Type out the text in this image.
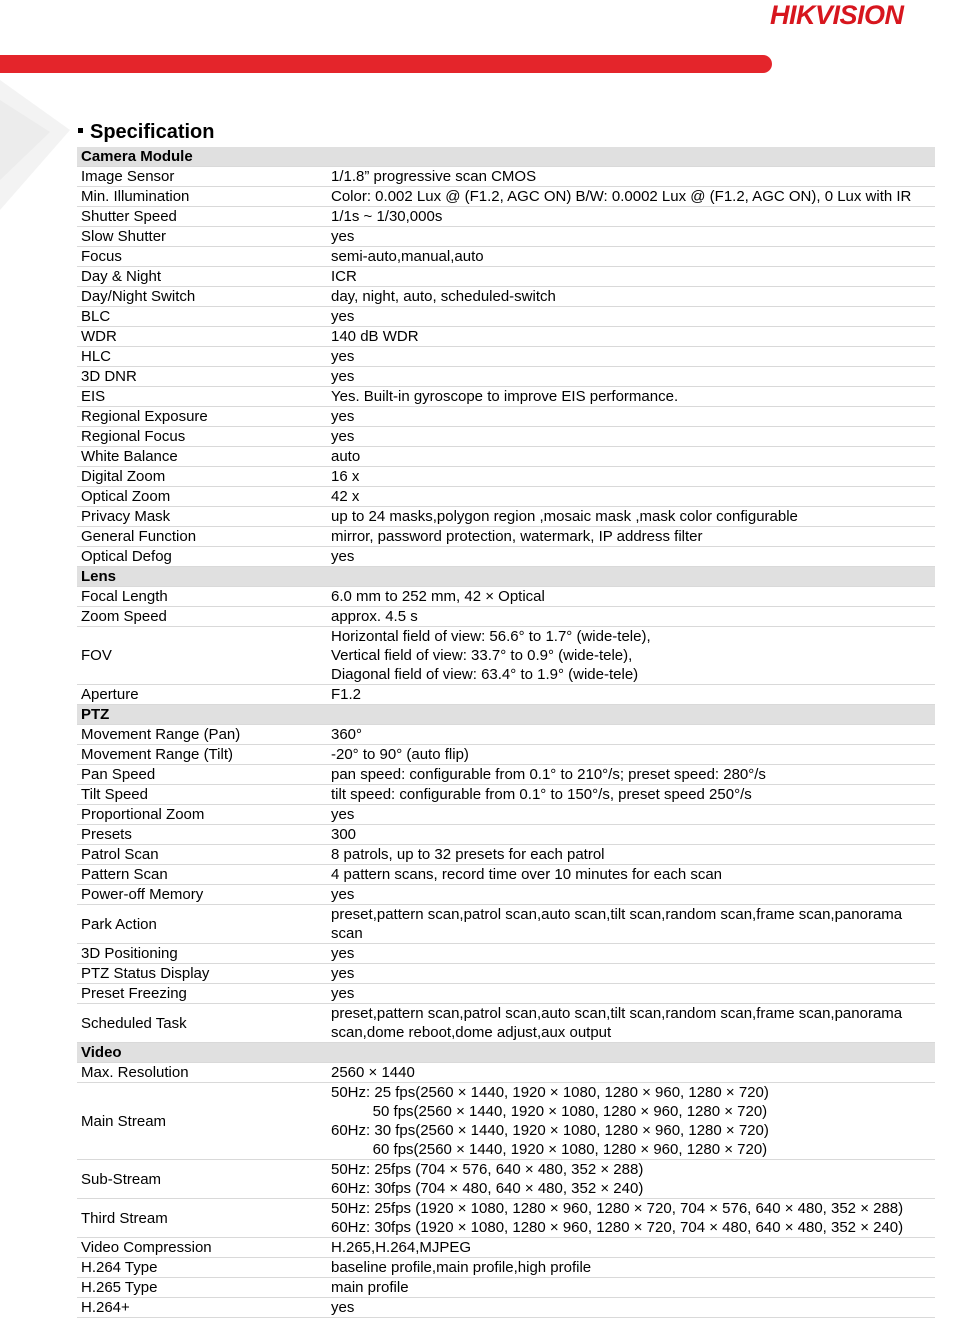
HIKVISION
Specification
Camera Module	
Image Sensor	1/1.8” progressive scan CMOS

Min. Illumination	Color: 0.002 Lux @ (F1.2, AGC ON) B/W: 0.0002 Lux @ (F1.2, AGC ON), 0 Lux with IR

Shutter Speed	1/1s ~ 1/30,000s

Slow Shutter	yes

Focus	semi-auto,manual,auto

Day & Night	ICR

Day/Night Switch	day, night, auto, scheduled-switch

BLC	yes

WDR	140 dB WDR

HLC	yes

3D DNR	yes

EIS	Yes. Built-in gyroscope to improve EIS performance.

Regional Exposure	yes

Regional Focus	yes

White Balance	auto

Digital Zoom	16 x

Optical Zoom	42 x

Privacy Mask	up to 24 masks,polygon region ,mosaic mask ,mask color configurable

General Function	mirror, password protection, watermark, IP address filter

Optical Defog	yes

Lens	
Focal Length	6.0 mm to 252 mm, 42 × Optical

Zoom Speed	approx. 4.5 s

FOV	Horizontal field of view: 56.6° to 1.7° (wide-tele),
Vertical field of view: 33.7° to 0.9° (wide-tele),
Diagonal field of view: 63.4° to 1.9° (wide-tele)

Aperture	F1.2

PTZ	
Movement Range (Pan)	360°

Movement Range (Tilt)	-20° to 90° (auto flip)

Pan Speed	pan speed: configurable from 0.1° to 210°/s; preset speed: 280°/s

Tilt Speed	tilt speed: configurable from 0.1° to 150°/s, preset speed 250°/s

Proportional Zoom	yes

Presets	300

Patrol Scan	8 patrols, up to 32 presets for each patrol

Pattern Scan	4 pattern scans, record time over 10 minutes for each scan

Power-off Memory	yes

Park Action	preset,pattern scan,patrol scan,auto scan,tilt scan,random scan,frame scan,panorama
scan

3D Positioning	yes

PTZ Status Display	yes

Preset Freezing	yes

Scheduled Task	preset,pattern scan,patrol scan,auto scan,tilt scan,random scan,frame scan,panorama
scan,dome reboot,dome adjust,aux output

Video	
Max. Resolution	2560 × 1440

Main Stream	50Hz: 25 fps(2560 × 1440, 1920 × 1080, 1280 × 960, 1280 × 720)
50 fps(2560 × 1440, 1920 × 1080, 1280 × 960, 1280 × 720)
60Hz: 30 fps(2560 × 1440, 1920 × 1080, 1280 × 960, 1280 × 720)
60 fps(2560 × 1440, 1920 × 1080, 1280 × 960, 1280 × 720)

Sub-Stream	50Hz: 25fps (704 × 576, 640 × 480, 352 × 288)
60Hz: 30fps (704 × 480, 640 × 480, 352 × 240)

Third Stream	50Hz: 25fps (1920 × 1080, 1280 × 960, 1280 × 720, 704 × 576, 640 × 480, 352 × 288)
60Hz: 30fps (1920 × 1080, 1280 × 960, 1280 × 720, 704 × 480, 640 × 480, 352 × 240)

Video Compression	H.265,H.264,MJPEG

H.264 Type	baseline profile,main profile,high profile

H.265 Type	main profile

H.264+	yes
